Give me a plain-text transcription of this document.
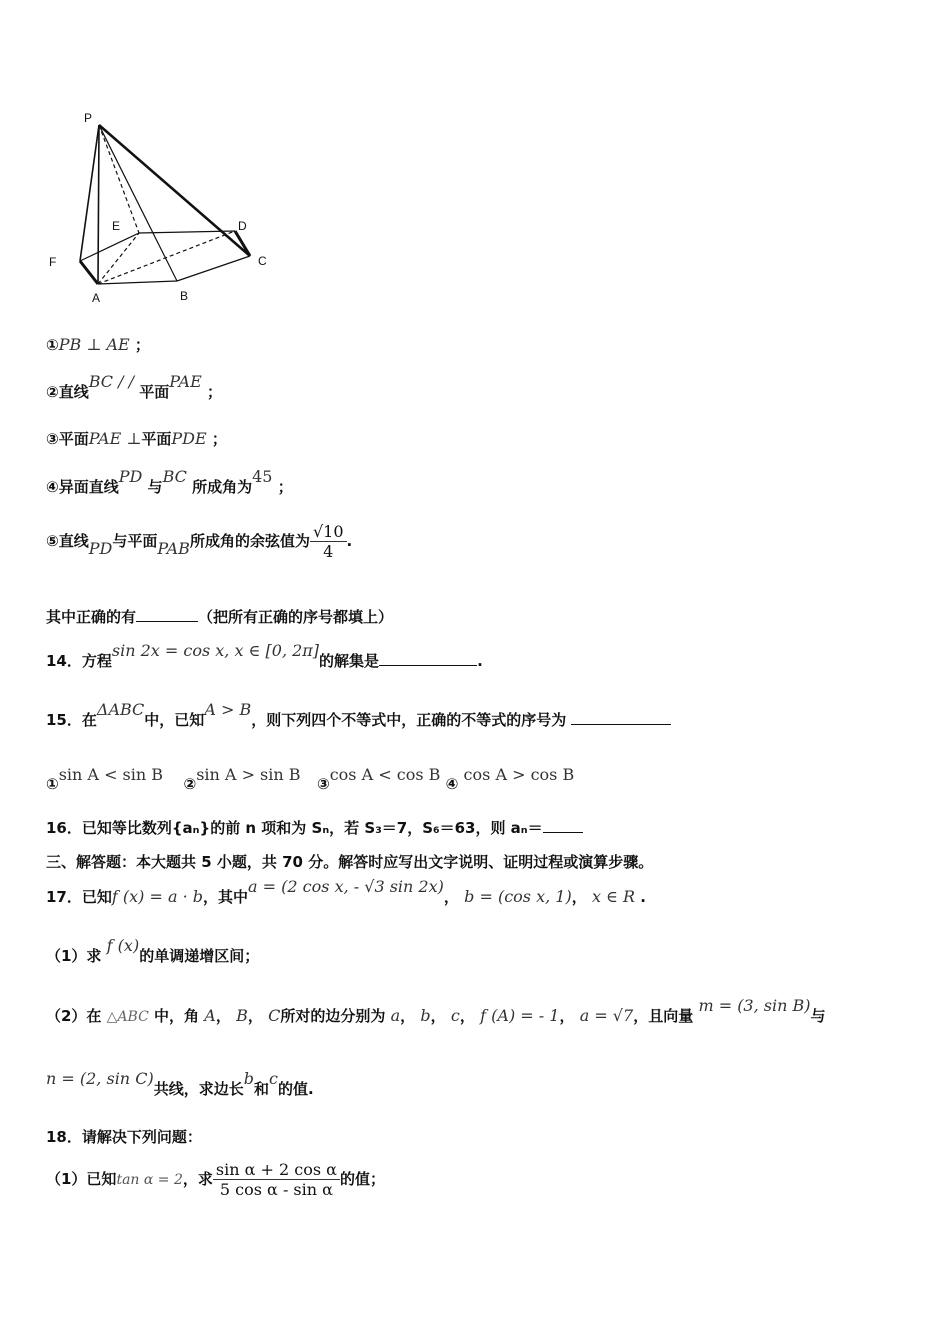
P
E	D
F	C
A	B
①PB ⊥ AE ；
②直线BC / / 平面PAE ；
③平面PAE ⊥平面PDE ；
④异面直线PD 与BC 所成角为45 ；
⑤直线PD与平面PAB所成角的余弦值为 $\frac{√10}{4}$ .
其中正确的有	（把所有正确的序号都填上）
14．方程sin 2x = cos x, x ∈ [0, 2π]的解集是	.
15．在ΔABC中，已知A > B，则下列四个不等式中，正确的不等式的序号为
①sin A < sin B ②sin A > sin B ③cos A < cos B ④ cos A > cos B
16．已知等比数列{aₙ}的前 n 项和为 Sₙ，若 S₃＝7，S₆＝63，则 aₙ＝
三、解答题：本大题共 5 小题，共 70 分。解答时应写出文字说明、证明过程或演算步骤。
17．已知f (x) = a · b，其中a = (2 cos x, - √3 sin 2x)， b = (cos x, 1)， x ∈ R .
（1）求 f (x)的单调递增区间；
（2）在 △ABC 中，角 A， B， C所对的边分别为 a， b， c， f (A) = - 1， a = √7，且向量 m = (3, sin B)与
n = (2, sin C)共线，求边长b和c的值.
18．请解决下列问题：
（1）已知tan α = 2，求 $\frac{\text{sin α + 2 cos α}}{\text{5 cos α - sin α}}$ 的值；
